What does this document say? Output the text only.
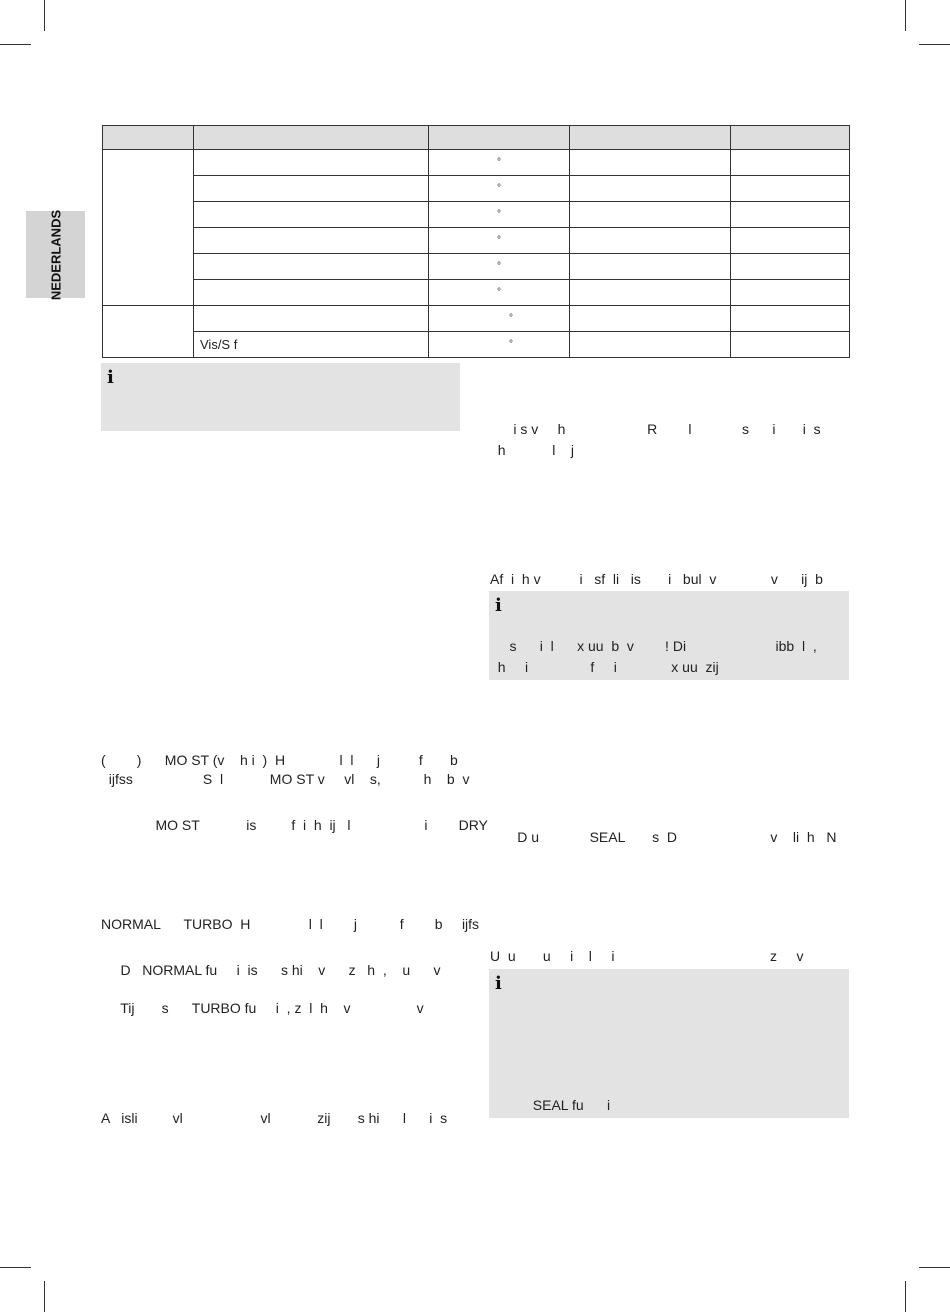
NEDERLANDS

		°		
		°		
		°		
		°		
		°		
		°		
		°		
	Vis/S f	°		
i
(        )      MO ST (v    h i  )  H              l  l      j          f       b
ijfss                  S  l            MO ST v     vl    s,           h    b  v
MO ST            is         f  i  h  ij   l                   i        DRY
NORMAL      TURBO  H               l  l        j           f        b     ijfs
D   NORMAL fu     i  is      s hi    v      z   h  ,    u      v
Tij       s      TURBO fu     i  , z  l  h    v                 v
A   isli         vl                    vl            zij       s hi      l      i  s
i s v     h                     R        l             s      i       i  s
h            l    j
Af  i  h v          i   sf  li   is       i   bul  v              v      ij  b
i
s      i  l      x uu  b  v        ! Di                       ibb  l  ,
h     i                f     i              x uu  zij
D u             SEAL       s  D                        v    li  h   N
U  u       u     i    l     i                                        z     v
i
SEAL fu      i
